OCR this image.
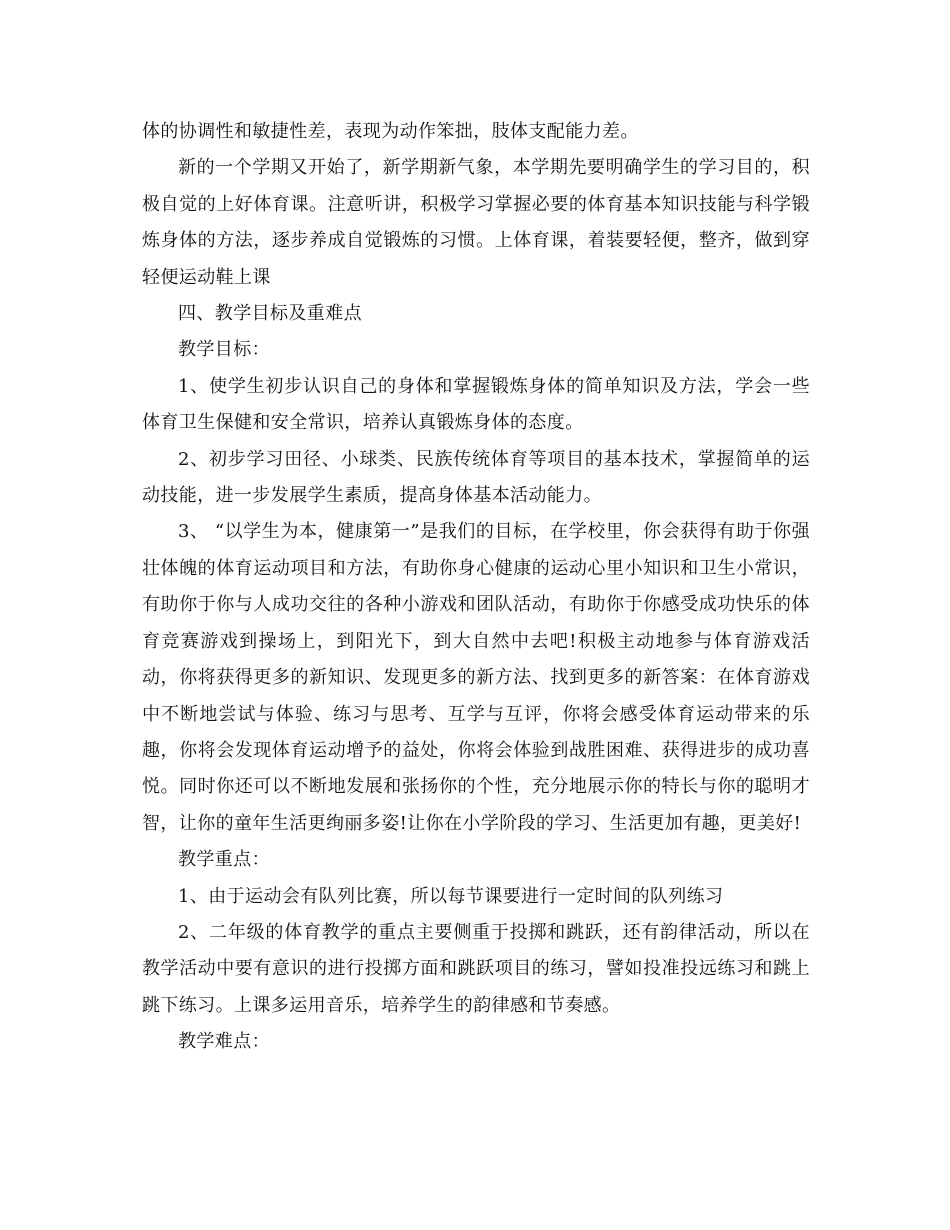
体的协调性和敏捷性差，表现为动作笨拙，肢体支配能力差。

新的一个学期又开始了，新学期新气象，本学期先要明确学生的学习目的，积极自觉的上好体育课。注意听讲，积极学习掌握必要的体育基本知识技能与科学锻炼身体的方法，逐步养成自觉锻炼的习惯。上体育课，着装要轻便，整齐，做到穿轻便运动鞋上课

四、教学目标及重难点

教学目标：

1、使学生初步认识自己的身体和掌握锻炼身体的简单知识及方法，学会一些体育卫生保健和安全常识，培养认真锻炼身体的态度。

2、初步学习田径、小球类、民族传统体育等项目的基本技术，掌握简单的运动技能，进一步发展学生素质，提高身体基本活动能力。

3、 “以学生为本，健康第一”是我们的目标，在学校里，你会获得有助于你强壮体魄的体育运动项目和方法，有助你身心健康的运动心里小知识和卫生小常识，有助你于你与人成功交往的各种小游戏和团队活动，有助你于你感受成功快乐的体育竞赛游戏到操场上，到阳光下，到大自然中去吧!积极主动地参与体育游戏活动，你将获得更多的新知识、发现更多的新方法、找到更多的新答案：在体育游戏中不断地尝试与体验、练习与思考、互学与互评，你将会感受体育运动带来的乐趣，你将会发现体育运动增予的益处，你将会体验到战胜困难、获得进步的成功喜悦。同时你还可以不断地发展和张扬你的个性，充分地展示你的特长与你的聪明才智，让你的童年生活更绚丽多姿!让你在小学阶段的学习、生活更加有趣，更美好!

教学重点：

1、由于运动会有队列比赛，所以每节课要进行一定时间的队列练习

2、二年级的体育教学的重点主要侧重于投掷和跳跃，还有韵律活动，所以在教学活动中要有意识的进行投掷方面和跳跃项目的练习，譬如投准投远练习和跳上跳下练习。上课多运用音乐，培养学生的韵律感和节奏感。

教学难点：
